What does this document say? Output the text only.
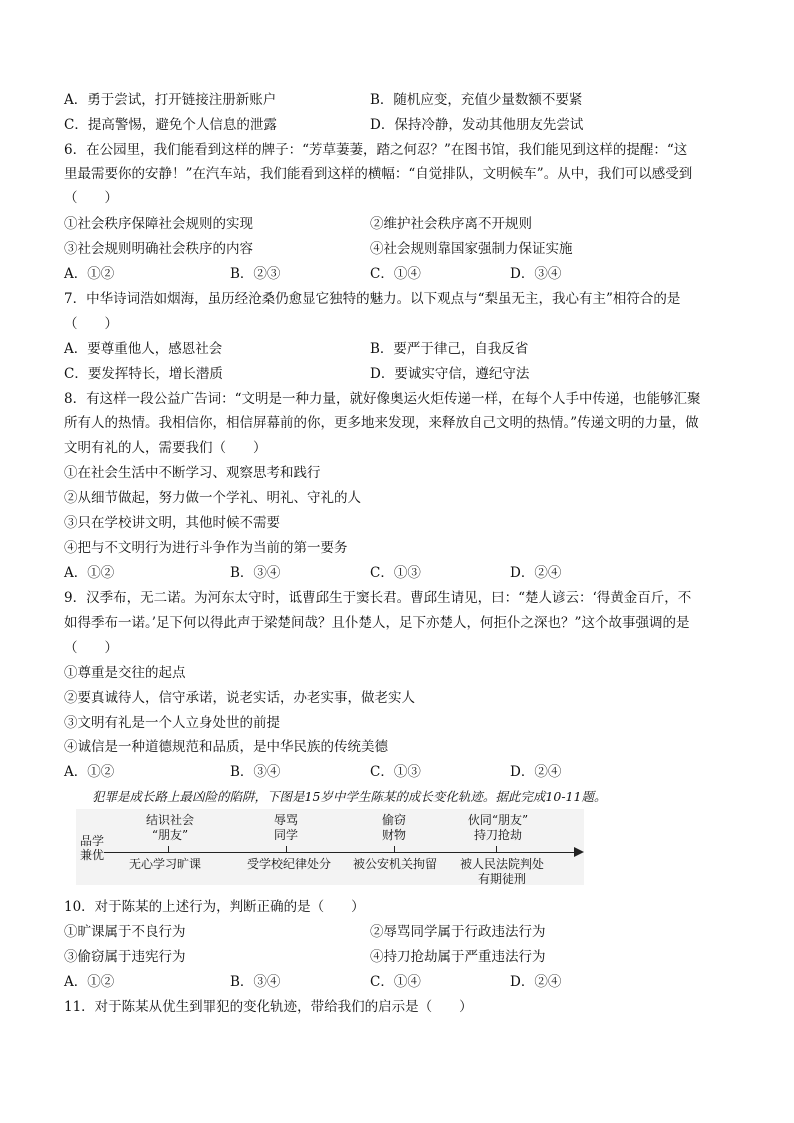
A．勇于尝试，打开链接注册新账户	B．随机应变，充值少量数额不要紧
C．提高警惕，避免个人信息的泄露	D．保持冷静，发动其他朋友先尝试
6．在公园里，我们能看到这样的牌子：“芳草萋萋，踏之何忍？”在图书馆，我们能见到这样的提醒：“这
里最需要你的安静！”在汽车站，我们能看到这样的横幅：“自觉排队，文明候车”。从中，我们可以感受到
（　　）
①社会秩序保障社会规则的实现	②维护社会秩序离不开规则
③社会规则明确社会秩序的内容	④社会规则靠国家强制力保证实施
A．①②	B．②③	C．①④	D．③④
7．中华诗词浩如烟海，虽历经沧桑仍愈显它独特的魅力。以下观点与“梨虽无主，我心有主”相符合的是
（　　）
A．要尊重他人，感恩社会	B．要严于律己，自我反省
C．要发挥特长，增长潜质	D．要诚实守信，遵纪守法
8．有这样一段公益广告词：“文明是一种力量，就好像奥运火炬传递一样，在每个人手中传递，也能够汇聚
所有人的热情。我相信你，相信屏幕前的你，更多地来发现，来释放自己文明的热情。”传递文明的力量，做
文明有礼的人，需要我们（　　）
①在社会生活中不断学习、观察思考和践行
②从细节做起，努力做一个学礼、明礼、守礼的人
③只在学校讲文明，其他时候不需要
④把与不文明行为进行斗争作为当前的第一要务
A．①②	B．③④	C．①③	D．②④
9．汉季布，无二诺。为河东太守时，诋曹邱生于窦长君。曹邱生请见，曰：“楚人谚云：‘得黄金百斤，不
如得季布一诺。’足下何以得此声于梁楚间哉？且仆楚人，足下亦楚人，何拒仆之深也？”这个故事强调的是
（　　）
①尊重是交往的起点
②要真诚待人，信守承诺，说老实话，办老实事，做老实人
③文明有礼是一个人立身处世的前提
④诚信是一种道德规范和品质，是中华民族的传统美德
A．①②	B．③④	C．①③	D．②④
犯罪是成长路上最凶险的陷阱，下图是15岁中学生陈某的成长变化轨迹。据此完成10-11题。
品学
兼优
结识社会
“朋友”
辱骂
同学
偷窃
财物
伙同“朋友”
持刀抢劫
无心学习旷课	受学校纪律处分	被公安机关拘留	被人民法院判处
有期徒刑
10．对于陈某的上述行为，判断正确的是（　　）
①旷课属于不良行为	②辱骂同学属于行政违法行为
③偷窃属于违宪行为	④持刀抢劫属于严重违法行为
A．①②	B．③④	C．①④	D．②④
11．对于陈某从优生到罪犯的变化轨迹，带给我们的启示是（　　）
